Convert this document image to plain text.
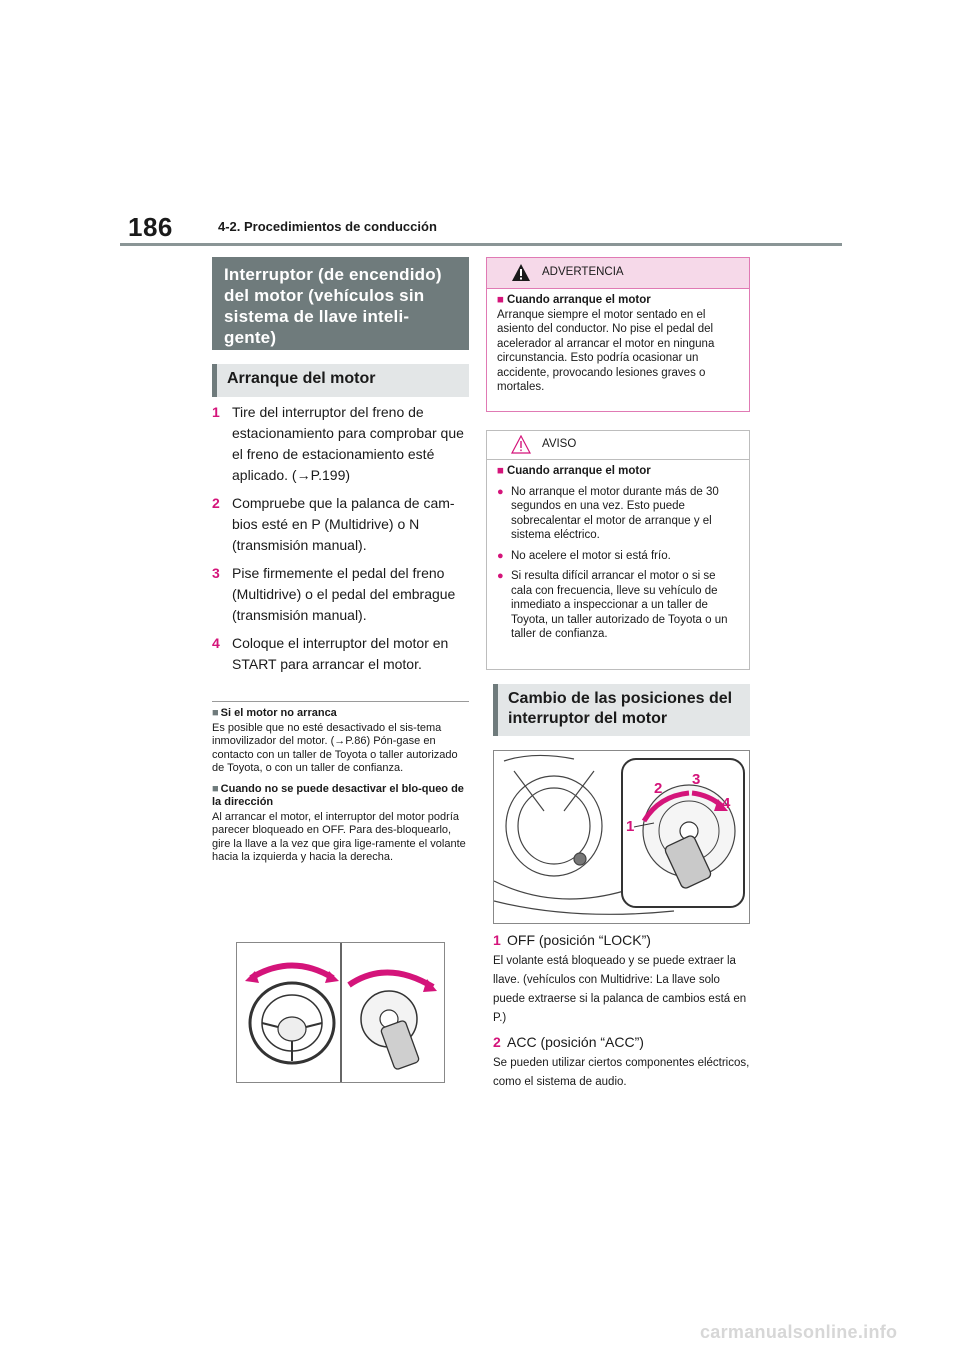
186	4-2. Procedimientos de conducción
Interruptor (de encendido)
del motor (vehículos sin
sistema de llave inteli-
gente)
Arranque del motor
1 Tire del interruptor del freno de estacionamiento para comprobar que el freno de estacionamiento esté aplicado. (→P.199)
2 Compruebe que la palanca de cam-bios esté en P (Multidrive) o N (transmisión manual).
3 Pise firmemente el pedal del freno (Multidrive) o el pedal del embrague (transmisión manual).
4 Coloque el interruptor del motor en START para arrancar el motor.
■ Si el motor no arranca
Es posible que no esté desactivado el sis-tema inmovilizador del motor. (→P.86) Pón-gase en contacto con un taller de Toyota o taller autorizado de Toyota, o con un taller de confianza.
■ Cuando no se puede desactivar el blo-queo de la dirección
Al arrancar el motor, el interruptor del motor podría parecer bloqueado en OFF. Para des-bloquearlo, gire la llave a la vez que gira lige-ramente el volante hacia la izquierda y hacia la derecha.
ADVERTENCIA
■ Cuando arranque el motor
Arranque siempre el motor sentado en el asiento del conductor. No pise el pedal del acelerador al arrancar el motor en ninguna circunstancia. Esto podría ocasionar un accidente, provocando lesiones graves o mortales.
AVISO
■ Cuando arranque el motor
● No arranque el motor durante más de 30 segundos en una vez. Esto puede sobrecalentar el motor de arranque y el sistema eléctrico.
● No acelere el motor si está frío.
● Si resulta difícil arrancar el motor o si se cala con frecuencia, lleve su vehículo de inmediato a inspeccionar a un taller de Toyota, un taller autorizado de Toyota o un taller de confianza.
Cambio de las posiciones del interruptor del motor
1
2
3
4
1 OFF (posición “LOCK”)
El volante está bloqueado y se puede extraer la llave. (vehículos con Multidrive: La llave solo puede extraerse si la palanca de cambios está en P.)
2 ACC (posición “ACC”)
Se pueden utilizar ciertos componentes eléctricos, como el sistema de audio.
carmanualsonline.info
